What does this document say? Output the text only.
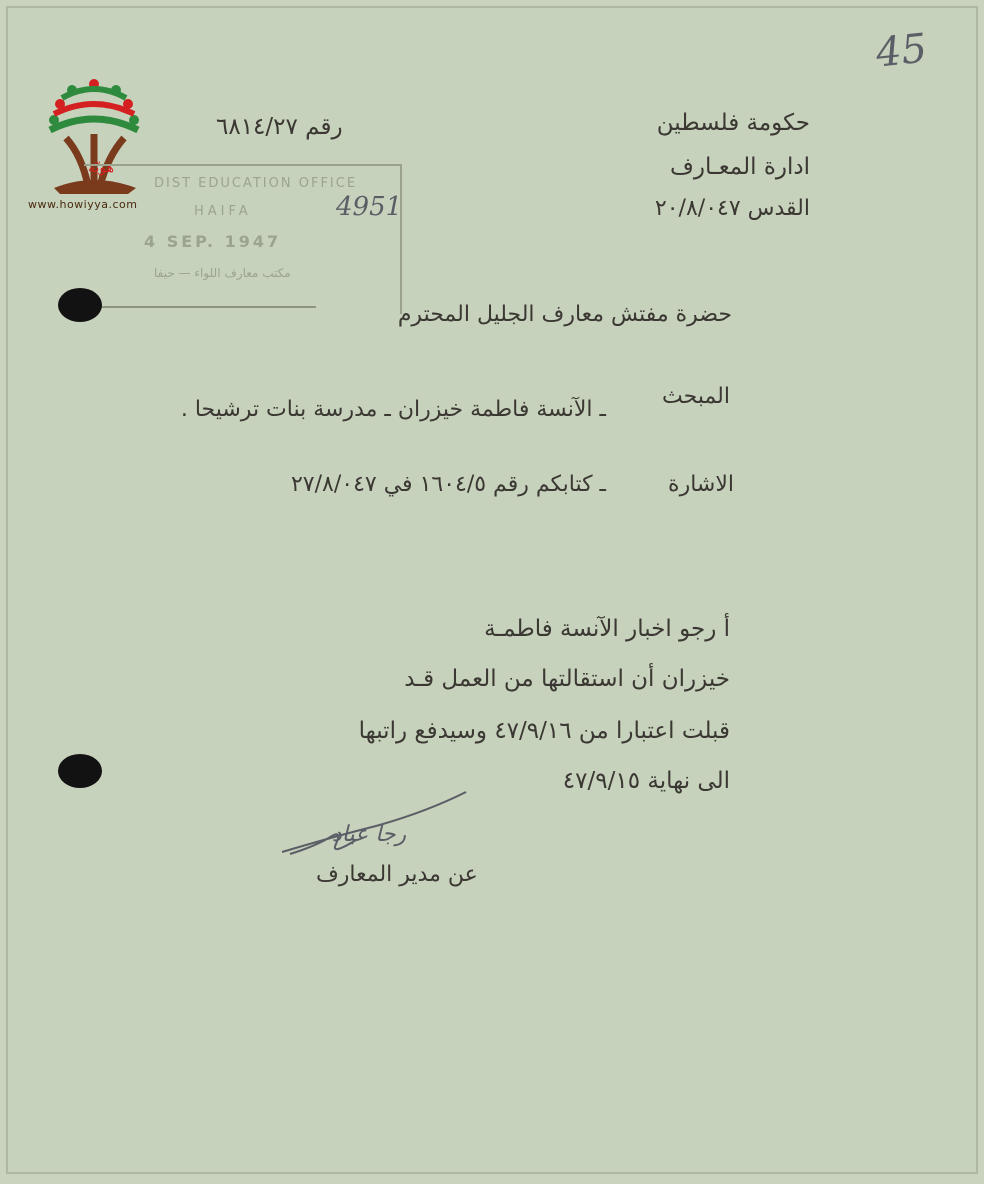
هويّة
www.howiyya.com
45
حكومة فلسطين
ادارة المعـارف
القدس ٢٠/٨/٠٤٧
رقم ٦٨١٤/٢٧
DIST EDUCATION OFFICE
HAIFA
4 SEP. 1947
مكتب معارف اللواء — حيفا
4951
حضرة مفتش معارف الجليل المحترم
المبحث
ـ الآنسة فاطمة خيزران ـ مدرسة بنات ترشيحا .
الاشارة
ـ كتابكم رقم ١٦٠٤/٥ في ٢٧/٨/٠٤٧
أ رجو اخبار الآنسة فاطمـة
خيزران أن استقالتها من العمل قـد
قبلت اعتبارا من ٤٧/٩/١٦ وسيدفع راتبها
الى نهاية ٤٧/٩/١٥
رجا عياد
عن مدير المعارف
